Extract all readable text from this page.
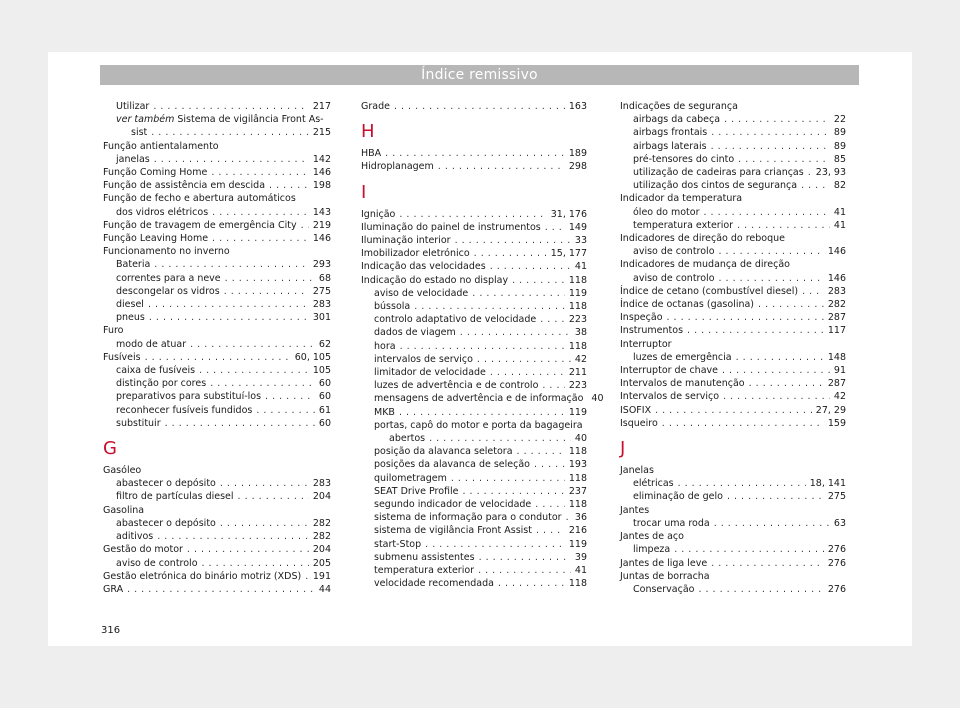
Índice remissivo
Utilizar . . .	217
ver também Sistema de vigilância Front As-
sist . . .	215
Função antientalamento
janelas . . .	142
Função Coming Home . . .	146
Função de assistência em descida . . .	198
Função de fecho e abertura automáticos
dos vidros elétricos . . .	143
Função de travagem de emergência City . . . 219
Função Leaving Home . . .	146
Funcionamento no inverno
Bateria . . .	293
correntes para a neve . . .	68
descongelar os vidros . . .	275
diesel . . .	283
pneus . . .	301
Furo
modo de atuar . . .	62
Fusíveis . . .	60, 105
caixa de fusíveis . . .	105
distinção por cores . . .	60
preparativos para substituí-los . . .	60
reconhecer fusíveis fundidos . . .	61
substituir . . .	60
G
Gasóleo
abastecer o depósito . . .	283
filtro de partículas diesel . . .	204
Gasolina
abastecer o depósito . . .	282
aditivos . . .	282
Gestão do motor . . .	204
aviso de controlo . . .	205
Gestão eletrónica do binário motriz (XDS) . . . 191
GRA . . .	44
Grade . . .	163
H
HBA . . .	189
Hidroplanagem . . .	298
I
Ignição . . .	31, 176
Iluminação do painel de instrumentos . . .	149
Iluminação interior . . .	33
Imobilizador eletrónico . . .	15, 177
Indicação das velocidades . . .	41
Indicação do estado no display . . .	118
aviso de velocidade . . .	119
bússola . . .	118
controlo adaptativo de velocidade . . .	223
dados de viagem . . .	38
hora . . .	118
intervalos de serviço . . .	42
limitador de velocidade . . .	211
luzes de advertência e de controlo . . .	223
mensagens de advertência e de informação 40
MKB . . .	119
portas, capô do motor e porta da bagageira
abertos . . .	40
posição da alavanca seletora . . .	118
posições da alavanca de seleção . . .	193
quilometragem . . .	118
SEAT Drive Profile . . .	237
segundo indicador de velocidade . . .	118
sistema de informação para o condutor . . . 36
sistema de vigilância Front Assist . . .	216
start-Stop . . .	119
submenu assistentes . . .	39
temperatura exterior . . .	41
velocidade recomendada . . .	118
Indicações de segurança
airbags da cabeça . . .	22
airbags frontais . . .	89
airbags laterais . . .	89
pré-tensores do cinto . . .	85
utilização de cadeiras para crianças . . . 23, 93
utilização dos cintos de segurança . . .	82
Indicador da temperatura
óleo do motor . . .	41
temperatura exterior . . .	41
Indicadores de direção do reboque
aviso de controlo . . .	146
Indicadores de mudança de direção
aviso de controlo . . .	146
Índice de cetano (combustível diesel) . . .	283
Índice de octanas (gasolina) . . .	282
Inspeção . . .	287
Instrumentos . . .	117
Interruptor
luzes de emergência . . .	148
Interruptor de chave . . .	91
Intervalos de manutenção . . .	287
Intervalos de serviço . . .	42
ISOFIX . . .	27, 29
Isqueiro . . .	159
J
Janelas
elétricas . . .	18, 141
eliminação de gelo . . .	275
Jantes
trocar uma roda . . .	63
Jantes de aço
limpeza . . .	276
Jantes de liga leve . . .	276
Juntas de borracha
Conservação . . .	276
316
